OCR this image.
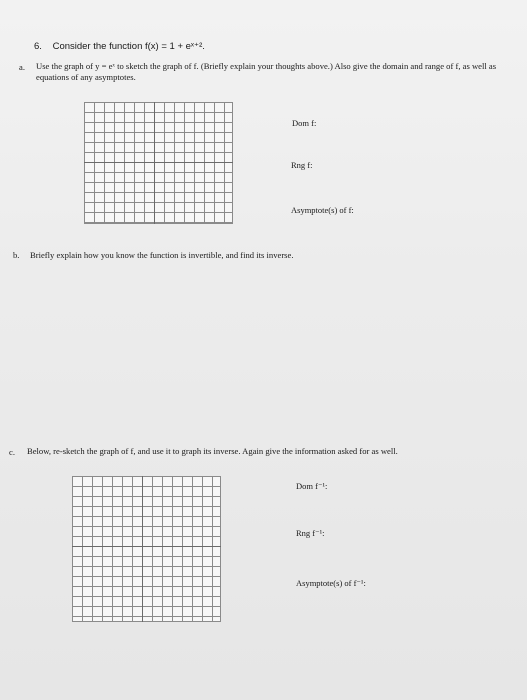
6. Consider the function f(x) = 1 + eˣ⁺².
a. Use the graph of y = eˣ to sketch the graph of f. (Briefly explain your thoughts above.) Also give the domain and range of f, as well as equations of any asymptotes.
Dom f:
Rng f:
Asymptote(s) of f:
b. Briefly explain how you know the function is invertible, and find its inverse.
c. Below, re-sketch the graph of f, and use it to graph its inverse. Again give the information asked for as well.
Dom f⁻¹:
Rng f⁻¹:
Asymptote(s) of f⁻¹:
